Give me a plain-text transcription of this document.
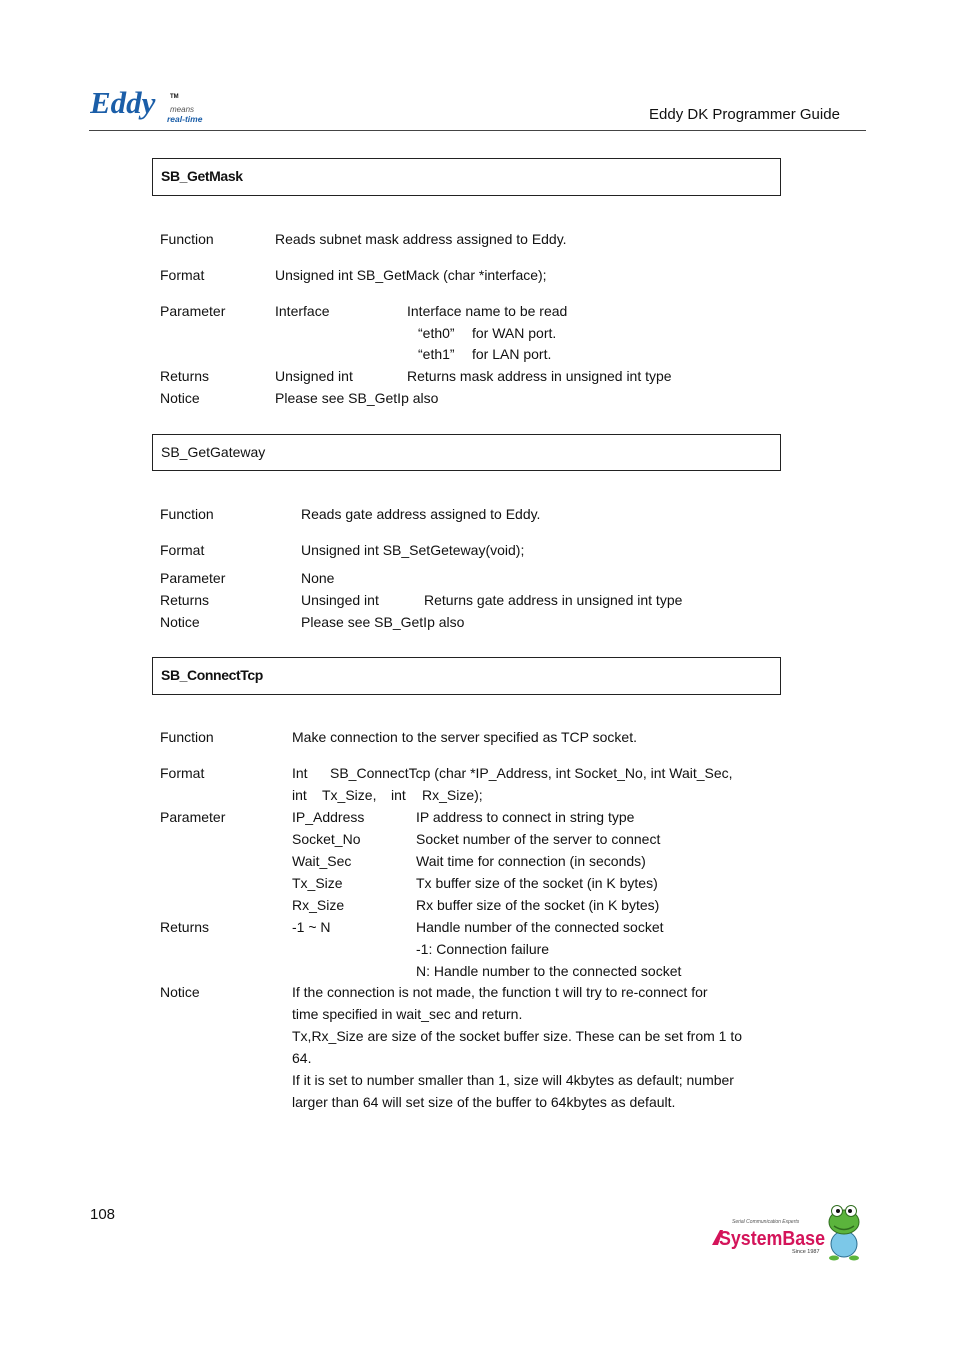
Eddy TM
means
real-time	Eddy DK Programmer Guide
SB_GetMask
Function	Reads subnet mask address assigned to Eddy.
Format	Unsigned int SB_GetMack (char *interface);
Parameter	Interface	Interface name to be read
“eth0” for WAN port.
“eth1” for LAN port.
Returns	Unsigned int	Returns mask address in unsigned int type
Notice	Please see SB_GetIp also
SB_GetGateway
Function	Reads gate address assigned to Eddy.
Format	Unsigned int SB_SetGeteway(void);
Parameter	None
Returns	Unsinged int	Returns gate address in unsigned int type
Notice	Please see SB_GetIp also
SB_ConnectTcp
Function	Make connection to the server specified as TCP socket.
Format	Int SB_ConnectTcp (char *IP_Address, int Socket_No, int Wait_Sec,
int Tx_Size, int Rx_Size);
Parameter	IP_Address	IP address to connect in string type
Socket_No	Socket number of the server to connect
Wait_Sec	Wait time for connection (in seconds)
Tx_Size	Tx buffer size of the socket (in K bytes)
Rx_Size	Rx buffer size of the socket (in K bytes)
Returns	-1 ~ N	Handle number of the connected socket
-1: Connection failure
N: Handle number to the connected socket
Notice	If the connection is not made, the function t will try to re-connect for
time specified in wait_sec and return.
Tx,Rx_Size are size of the socket buffer size. These can be set from 1 to
64.
If it is set to number smaller than 1, size will 4kbytes as default; number
larger than 64 will set size of the buffer to 64kbytes as default.
108	Serial Communication Experts
SystemBase
Since 1987
